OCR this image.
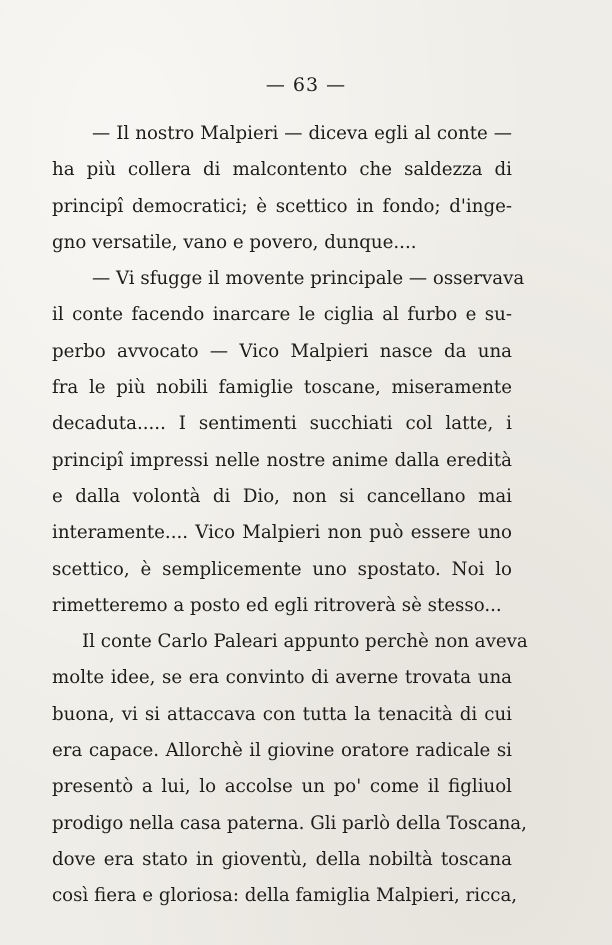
— 63 —
— Il nostro Malpieri — diceva egli al conte —
ha più collera di malcontento che saldezza di
principî democratici; è scettico in fondo; d'inge-
gno versatile, vano e povero, dunque....
— Vi sfugge il movente principale — osservava
il conte facendo inarcare le ciglia al furbo e su-
perbo avvocato — Vico Malpieri nasce da una
fra le più nobili famiglie toscane, miseramente
decaduta..... I sentimenti succhiati col latte, i
principî impressi nelle nostre anime dalla eredità
e dalla volontà di Dio, non si cancellano mai
interamente.... Vico Malpieri non può essere uno
scettico, è semplicemente uno spostato. Noi lo
rimetteremo a posto ed egli ritroverà sè stesso...
Il conte Carlo Paleari appunto perchè non aveva
molte idee, se era convinto di averne trovata una
buona, vi si attaccava con tutta la tenacità di cui
era capace. Allorchè il giovine oratore radicale si
presentò a lui, lo accolse un po' come il figliuol
prodigo nella casa paterna. Gli parlò della Toscana,
dove era stato in gioventù, della nobiltà toscana
così fiera e gloriosa: della famiglia Malpieri, ricca,
